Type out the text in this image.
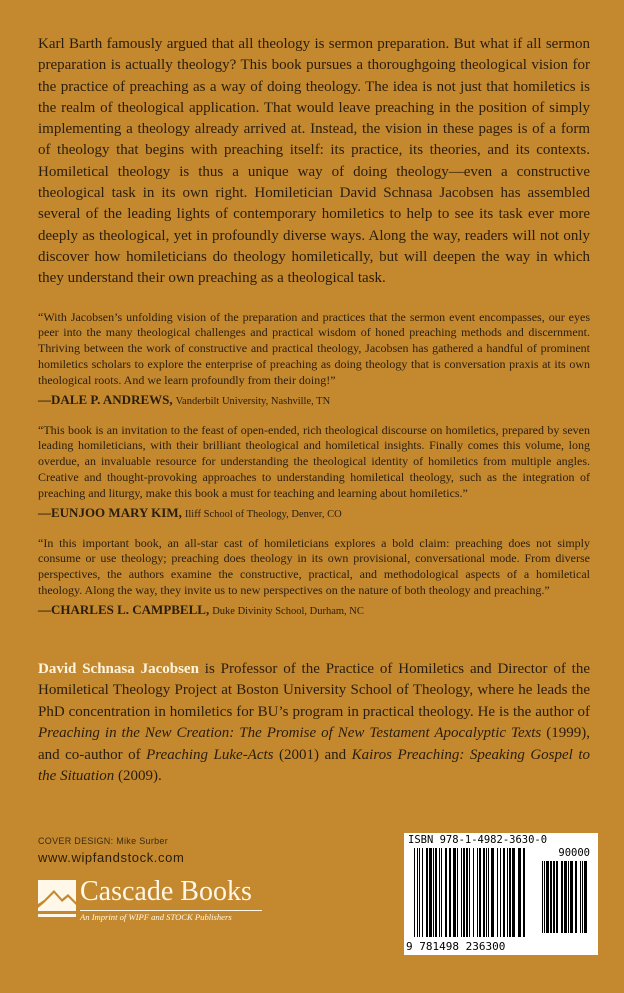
Karl Barth famously argued that all theology is sermon preparation. But what if all sermon preparation is actually theology? This book pursues a thoroughgoing theological vision for the practice of preaching as a way of doing theology. The idea is not just that homiletics is the realm of theological application. That would leave preaching in the position of simply implementing a theology already arrived at. Instead, the vision in these pages is of a form of theology that begins with preaching itself: its practice, its theories, and its contexts. Homiletical theology is thus a unique way of doing theology—even a constructive theological task in its own right. Homiletician David Schnasa Jacobsen has assembled several of the leading lights of contemporary homiletics to help to see its task ever more deeply as theological, yet in profoundly diverse ways. Along the way, readers will not only discover how homileticians do theology homiletically, but will deepen the way in which they understand their own preaching as a theological task.

“With Jacobsen’s unfolding vision of the preparation and practices that the sermon event encompasses, our eyes peer into the many theological challenges and practical wisdom of honed preaching methods and discernment. Thriving between the work of constructive and practical theology, Jacobsen has gathered a handful of prominent homiletics scholars to explore the enterprise of preaching as doing theology that is conversation praxis at its own theological roots. And we learn profoundly from their doing!”

—DALE P. ANDREWS, Vanderbilt University, Nashville, TN

“This book is an invitation to the feast of open-ended, rich theological discourse on homiletics, prepared by seven leading homileticians, with their brilliant theological and homiletical insights. Finally comes this volume, long overdue, an invaluable resource for understanding the theological identity of homiletics from multiple angles. Creative and thought-provoking approaches to understanding homiletical theology, such as the integration of preaching and liturgy, make this book a must for teaching and learning about homiletics.”

—EUNJOO MARY KIM, Iliff School of Theology, Denver, CO

“In this important book, an all-star cast of homileticians explores a bold claim: preaching does not simply consume or use theology; preaching does theology in its own provisional, conversational mode. From diverse perspectives, the authors examine the constructive, practical, and methodological aspects of a homiletical theology. Along the way, they invite us to new perspectives on the nature of both theology and preaching.”

—CHARLES L. CAMPBELL, Duke Divinity School, Durham, NC
David Schnasa Jacobsen is Professor of the Practice of Homiletics and Director of the Homiletical Theology Project at Boston University School of Theology, where he leads the PhD concentration in homiletics for BU’s program in practical theology. He is the author of Preaching in the New Creation: The Promise of New Testament Apocalyptic Texts (1999), and co-author of Preaching Luke-Acts (2001) and Kairos Preaching: Speaking Gospel to the Situation (2009).
COVER DESIGN: Mike Surber
www.wipfandstock.com
Cascade Books
An Imprint of WIPF and STOCK Publishers
ISBN 978-1-4982-3630-0
90000
9 781498 236300
